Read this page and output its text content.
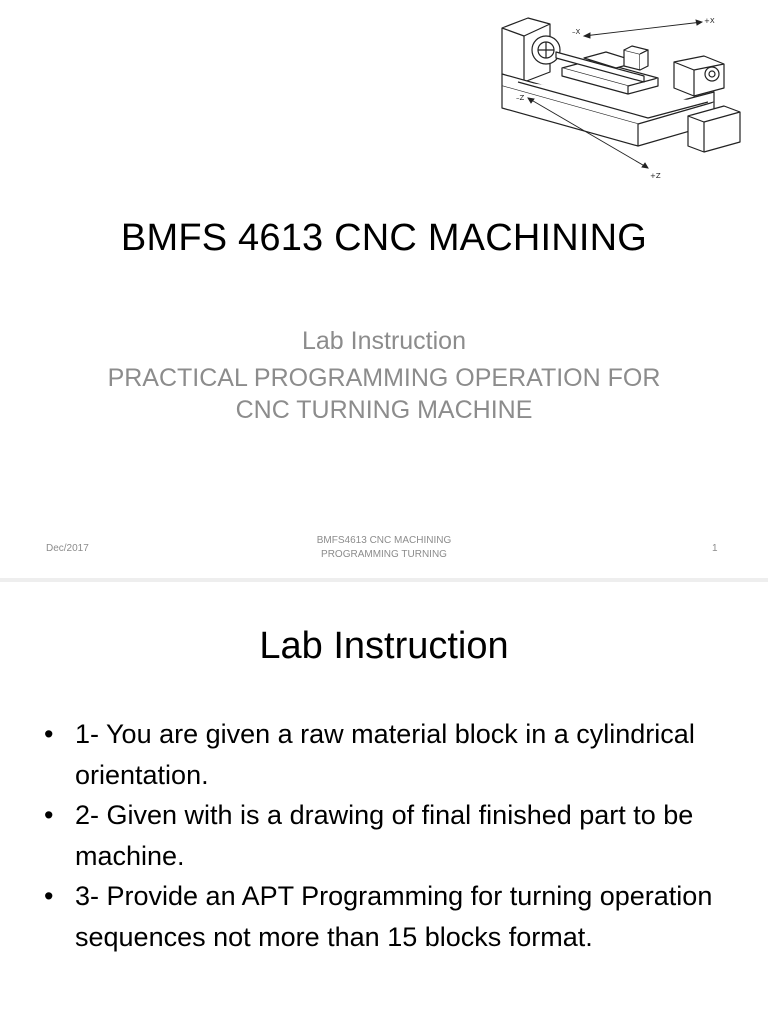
+X
–X
–Z
+Z
BMFS 4613 CNC MACHINING
Lab Instruction
PRACTICAL PROGRAMMING OPERATION FOR CNC TURNING MACHINE
Dec/2017
BMFS4613 CNC MACHINING
PROGRAMMING TURNING
1
Lab Instruction
• 1- You are given a raw material block in a cylindrical orientation.
• 2- Given with is a drawing of final finished part to be machine.
• 3- Provide an APT Programming for turning operation sequences not more than 15 blocks format.
